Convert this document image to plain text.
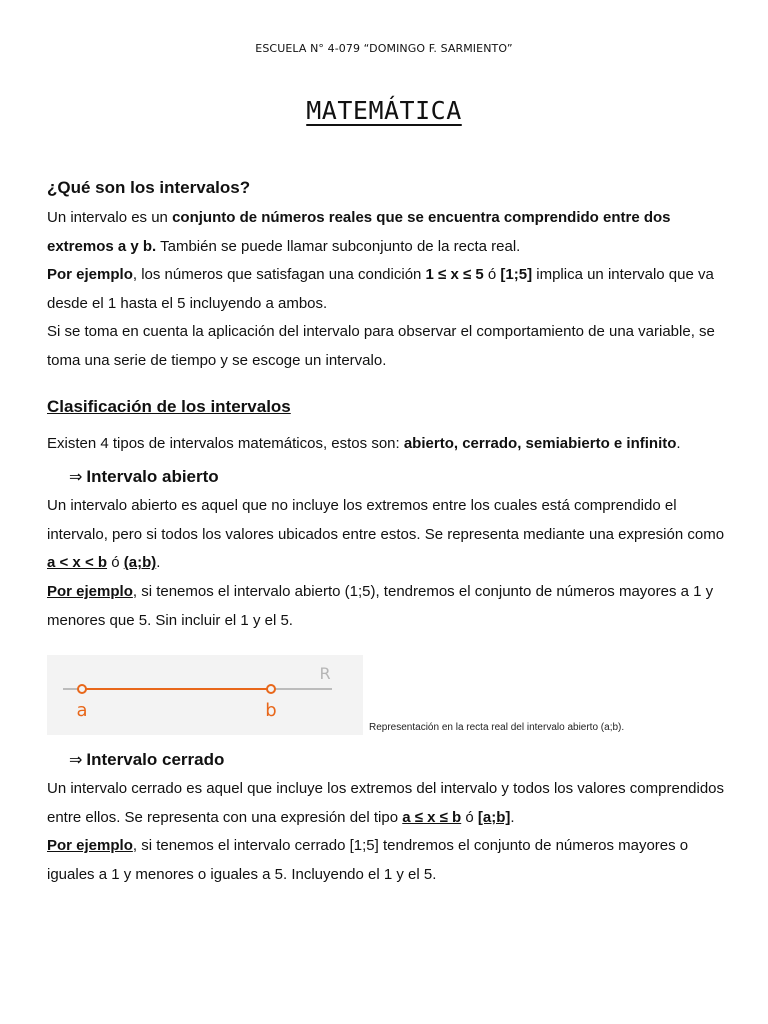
ESCUELA N° 4-079 “DOMINGO F. SARMIENTO”
MATEMÁTICA
¿Qué son los intervalos?

Un intervalo es un conjunto de números reales que se encuentra comprendido entre dos extremos a y b. También se puede llamar subconjunto de la recta real.

Por ejemplo, los números que satisfagan una condición 1 ≤ x ≤ 5 ó [1;5] implica un intervalo que va desde el 1 hasta el 5 incluyendo a ambos.

Si se toma en cuenta la aplicación del intervalo para observar el comportamiento de una variable, se toma una serie de tiempo y se escoge un intervalo.

Clasificación de los intervalos

Existen 4 tipos de intervalos matemáticos, estos son: abierto, cerrado, semiabierto e infinito.

⇒ Intervalo abierto

Un intervalo abierto es aquel que no incluye los extremos entre los cuales está comprendido el intervalo, pero si todos los valores ubicados entre estos. Se representa mediante una expresión como a < x < b ó (a;b).

Por ejemplo, si tenemos el intervalo abierto (1;5), tendremos el conjunto de números mayores a 1 y menores que 5. Sin incluir el 1 y el 5.

a	b
R
Representación en la recta real del intervalo abierto (a;b).
⇒ Intervalo cerrado

Un intervalo cerrado es aquel que incluye los extremos del intervalo y todos los valores comprendidos entre ellos. Se representa con una expresión del tipo a ≤ x ≤ b ó [a;b].

Por ejemplo, si tenemos el intervalo cerrado [1;5] tendremos el conjunto de números mayores o iguales a 1 y menores o iguales a 5. Incluyendo el 1 y el 5.
